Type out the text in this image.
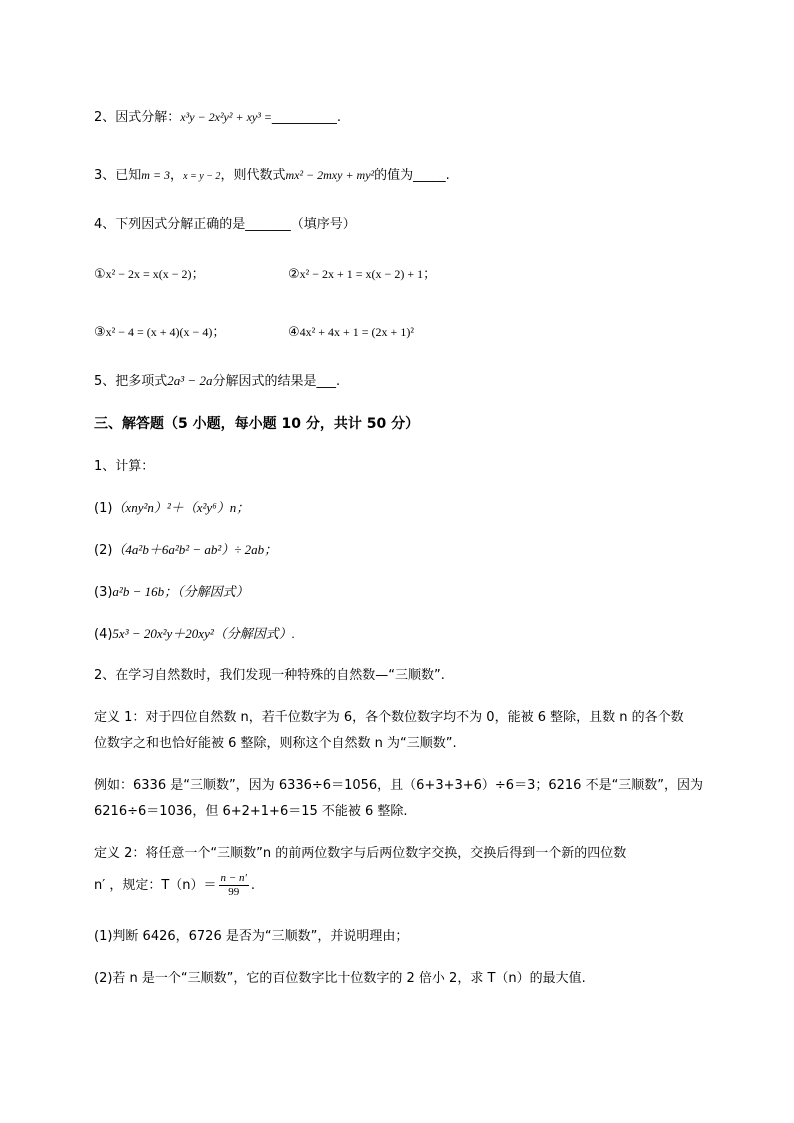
2、因式分解：x³y − 2x²y² + xy³ =__________.
3、已知m = 3，x = y − 2，则代数式mx² − 2mxy + my²的值为_____.
4、下列因式分解正确的是_______（填序号）
①x² − 2x = x(x − 2)；	②x² − 2x + 1 = x(x − 2) + 1；
③x² − 4 = (x + 4)(x − 4)；	④4x² + 4x + 1 = (2x + 1)²
5、把多项式2a³ − 2a分解因式的结果是___.
三、解答题（5 小题，每小题 10 分，共计 50 分）
1、计算：
(1)（xny²n）²＋（x²y⁶）n；
(2)（4a²b＋6a²b² − ab²）÷ 2ab；
(3)a²b − 16b；（分解因式）
(4)5x³ − 20x²y＋20xy²（分解因式）.
2、在学习自然数时，我们发现一种特殊的自然数—“三顺数”.
定义 1：对于四位自然数 n，若千位数字为 6，各个数位数字均不为 0，能被 6 整除，且数 n 的各个数
位数字之和也恰好能被 6 整除，则称这个自然数 n 为“三顺数”.
例如：6336 是“三顺数”，因为 6336÷6＝1056，且（6+3+3+6）÷6＝3；6216 不是“三顺数”，因为
6216÷6＝1036，但 6+2+1+6＝15 不能被 6 整除.
定义 2：将任意一个“三顺数”n 的前两位数字与后两位数字交换，交换后得到一个新的四位数
n′ ，规定：$T(n)= \frac{n - n'}{99}$ .
(1)判断 6426，6726 是否为“三顺数”，并说明理由；
(2)若 n 是一个“三顺数”，它的百位数字比十位数字的 2 倍小 2，求 T（n）的最大值.
